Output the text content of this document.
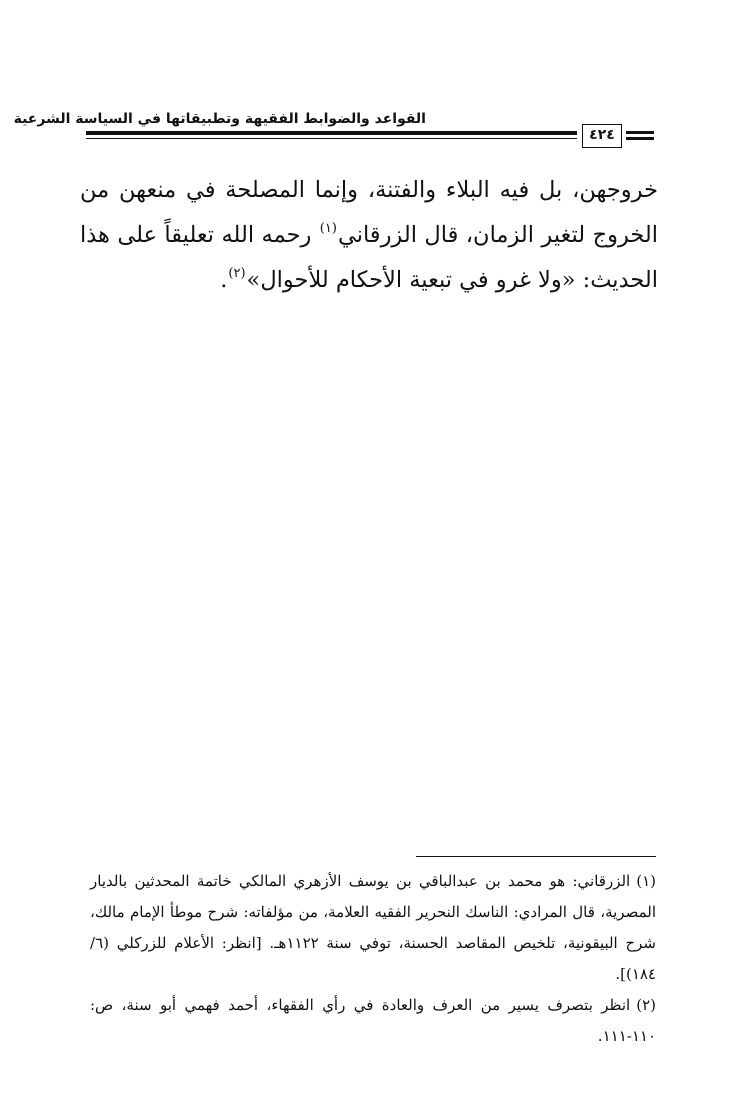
القواعد والضوابط الفقيهة وتطبيقاتها في السياسة الشرعية
٤٢٤
خروجهن، بل فيه البلاء والفتنة، وإنما المصلحة في منعهن من الخروج لتغير الزمان، قال الزرقاني$^{(١)}$ رحمه الله تعليقاً على هذا الحديث: «ولا غرو في تبعية الأحكام للأحوال»$^{(٢)}$.

(١)الزرقاني: هو محمد بن عبدالباقي بن يوسف الأزهري المالكي خاتمة المحدثين بالديار المصرية، قال المرادي: الناسك النحرير الفقيه العلامة، من مؤلفاته: شرح موطأ الإمام مالك، شرح البيقونية، تلخيص المقاصد الحسنة، توفي سنة ١١٢٢هـ. [انظر: الأعلام للزركلي (٦/ ١٨٤)].

(٢)انظر بتصرف يسير من العرف والعادة في رأي الفقهاء، أحمد فهمي أبو سنة، ص: ١١٠-١١١.
